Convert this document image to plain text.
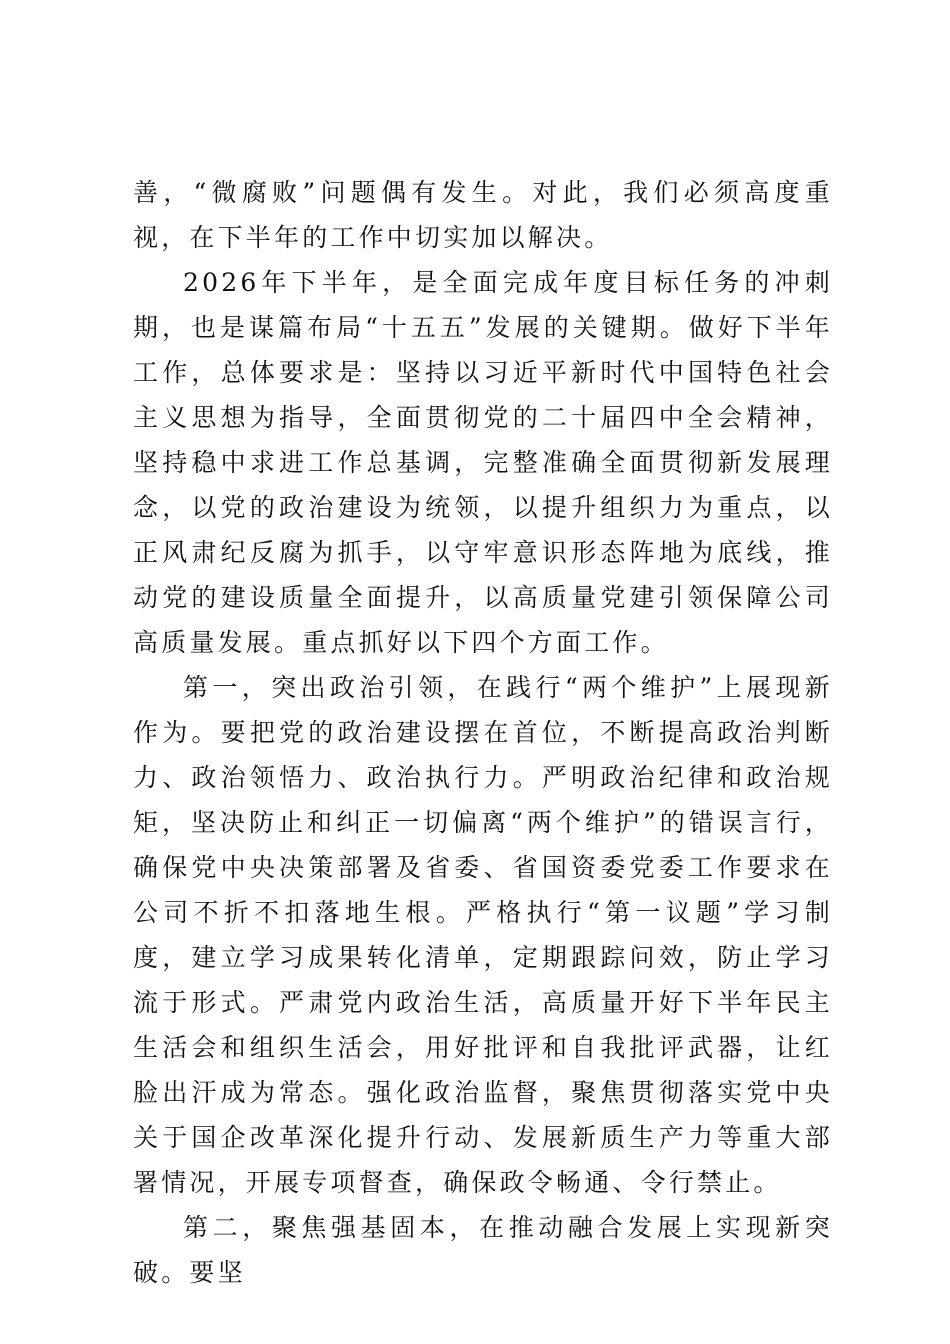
善，“微腐败”问题偶有发生。对此，我们必须高度重视，在下半年的工作中切实加以解决。

2026年下半年，是全面完成年度目标任务的冲刺期，也是谋篇布局“十五五”发展的关键期。做好下半年工作，总体要求是：坚持以习近平新时代中国特色社会主义思想为指导，全面贯彻党的二十届四中全会精神，坚持稳中求进工作总基调，完整准确全面贯彻新发展理念，以党的政治建设为统领，以提升组织力为重点，以正风肃纪反腐为抓手，以守牢意识形态阵地为底线，推动党的建设质量全面提升，以高质量党建引领保障公司高质量发展。重点抓好以下四个方面工作。

第一，突出政治引领，在践行“两个维护”上展现新作为。要把党的政治建设摆在首位，不断提高政治判断力、政治领悟力、政治执行力。严明政治纪律和政治规矩，坚决防止和纠正一切偏离“两个维护”的错误言行，确保党中央决策部署及省委、省国资委党委工作要求在公司不折不扣落地生根。严格执行“第一议题”学习制度，建立学习成果转化清单，定期跟踪问效，防止学习流于形式。严肃党内政治生活，高质量开好下半年民主生活会和组织生活会，用好批评和自我批评武器，让红脸出汗成为常态。强化政治监督，聚焦贯彻落实党中央关于国企改革深化提升行动、发展新质生产力等重大部署情况，开展专项督查，确保政令畅通、令行禁止。

第二，聚焦强基固本，在推动融合发展上实现新突破。要坚
